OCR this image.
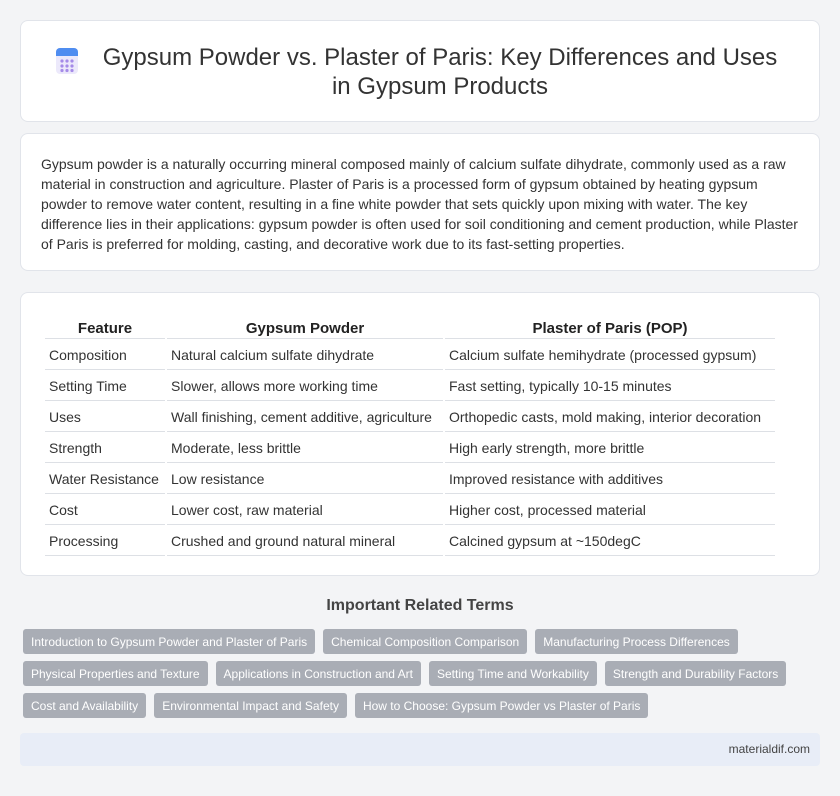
Gypsum Powder vs. Plaster of Paris: Key Differences and Uses in Gypsum Products

Gypsum powder is a naturally occurring mineral composed mainly of calcium sulfate dihydrate, commonly used as a raw material in construction and agriculture. Plaster of Paris is a processed form of gypsum obtained by heating gypsum powder to remove water content, resulting in a fine white powder that sets quickly upon mixing with water. The key difference lies in their applications: gypsum powder is often used for soil conditioning and cement production, while Plaster of Paris is preferred for molding, casting, and decorative work due to its fast-setting properties.

Feature	Gypsum Powder	Plaster of Paris (POP)
Composition	Natural calcium sulfate dihydrate	Calcium sulfate hemihydrate (processed gypsum)
Setting Time	Slower, allows more working time	Fast setting, typically 10-15 minutes
Uses	Wall finishing, cement additive, agriculture	Orthopedic casts, mold making, interior decoration
Strength	Moderate, less brittle	High early strength, more brittle
Water Resistance	Low resistance	Improved resistance with additives
Cost	Lower cost, raw material	Higher cost, processed material
Processing	Crushed and ground natural mineral	Calcined gypsum at ~150degC
Important Related Terms
Introduction to Gypsum Powder and Plaster of Paris	Chemical Composition Comparison	Manufacturing Process Differences
Physical Properties and Texture	Applications in Construction and Art	Setting Time and Workability	Strength and Durability Factors
Cost and Availability	Environmental Impact and Safety	How to Choose: Gypsum Powder vs Plaster of Paris
materialdif.com
